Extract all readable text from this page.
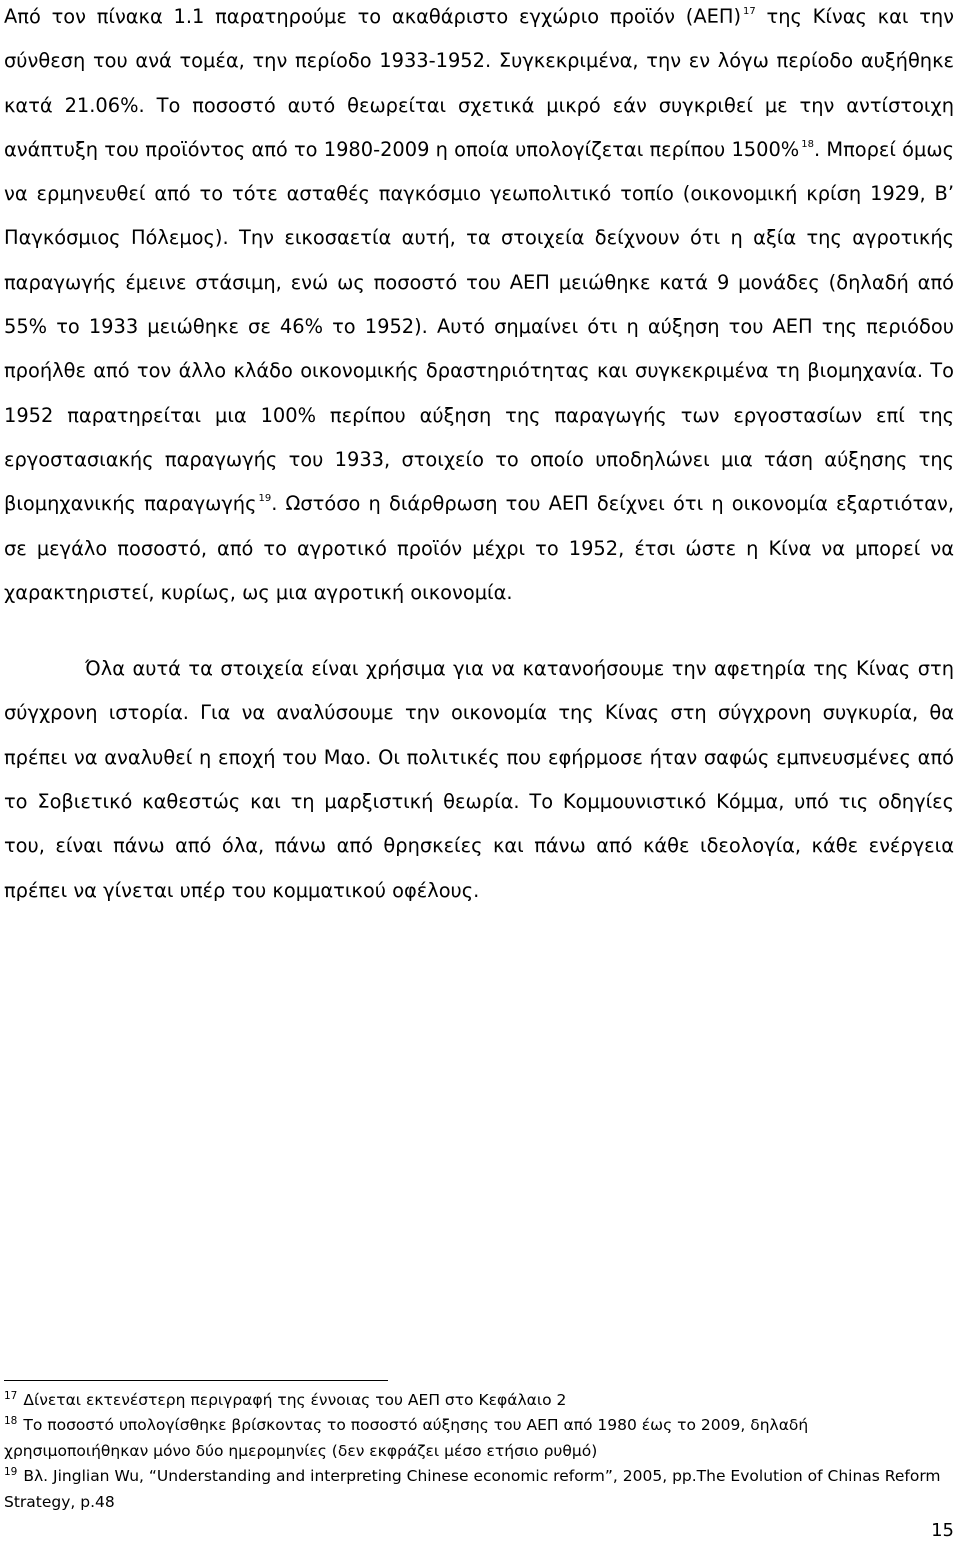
Από τον πίνακα 1.1 παρατηρούμε το ακαθάριστο εγχώριο προϊόν (ΑΕΠ) $^{17}$ της Κίνας και την σύνθεση του ανά τομέα, την περίοδο 1933-1952. Συγκεκριμένα, την εν λόγω περίοδο αυξήθηκε κατά 21.06%. Το ποσοστό αυτό θεωρείται σχετικά μικρό εάν συγκριθεί με την αντίστοιχη ανάπτυξη του προϊόντος από το 1980-2009 η οποία υπολογίζεται περίπου 1500% $^{18}$. Μπορεί όμως να ερμηνευθεί από το τότε ασταθές παγκόσμιο γεωπολιτικό τοπίο (οικονομική κρίση 1929, Β’ Παγκόσμιος Πόλεμος). Την εικοσαετία αυτή, τα στοιχεία δείχνουν ότι η αξία της αγροτικής παραγωγής έμεινε στάσιμη, ενώ ως ποσοστό του ΑΕΠ μειώθηκε κατά 9 μονάδες (δηλαδή από 55% το 1933 μειώθηκε σε 46% το 1952). Αυτό σημαίνει ότι η αύξηση του ΑΕΠ της περιόδου προήλθε από τον άλλο κλάδο οικονομικής δραστηριότητας και συγκεκριμένα τη βιομηχανία. Το 1952 παρατηρείται μια 100% περίπου αύξηση της παραγωγής των εργοστασίων επί της εργοστασιακής παραγωγής του 1933, στοιχείο το οποίο υποδηλώνει μια τάση αύξησης της βιομηχανικής παραγωγής $^{19}$. Ωστόσο η διάρθρωση του ΑΕΠ δείχνει ότι η οικονομία εξαρτιόταν, σε μεγάλο ποσοστό, από το αγροτικό προϊόν μέχρι το 1952, έτσι ώστε η Κίνα να μπορεί να χαρακτηριστεί, κυρίως, ως μια αγροτική οικονομία.

Όλα αυτά τα στοιχεία είναι χρήσιμα για να κατανοήσουμε την αφετηρία της Κίνας στη σύγχρονη ιστορία. Για να αναλύσουμε την οικονομία της Κίνας στη σύγχρονη συγκυρία, θα πρέπει να αναλυθεί η εποχή του Μαο. Οι πολιτικές που εφήρμοσε ήταν σαφώς εμπνευσμένες από το Σοβιετικό καθεστώς και τη μαρξιστική θεωρία. Το Κομμουνιστικό Κόμμα, υπό τις οδηγίες του, είναι πάνω από όλα, πάνω από θρησκείες και πάνω από κάθε ιδεολογία, κάθε ενέργεια πρέπει να γίνεται υπέρ του κομματικού οφέλους.

$^{17}$ Δίνεται εκτενέστερη περιγραφή της έννοιας του ΑΕΠ στο Κεφάλαιο 2

$^{18}$ Το ποσοστό υπολογίσθηκε βρίσκοντας το ποσοστό αύξησης του ΑΕΠ από 1980 έως το 2009, δηλαδή χρησιμοποιήθηκαν μόνο δύο ημερομηνίες (δεν εκφράζει μέσο ετήσιο ρυθμό)

$^{19}$ Βλ. Jinglian Wu, “Understanding and interpreting Chinese economic reform”, 2005, pp.The Evolution of Chinas Reform Strategy, p.48

15
